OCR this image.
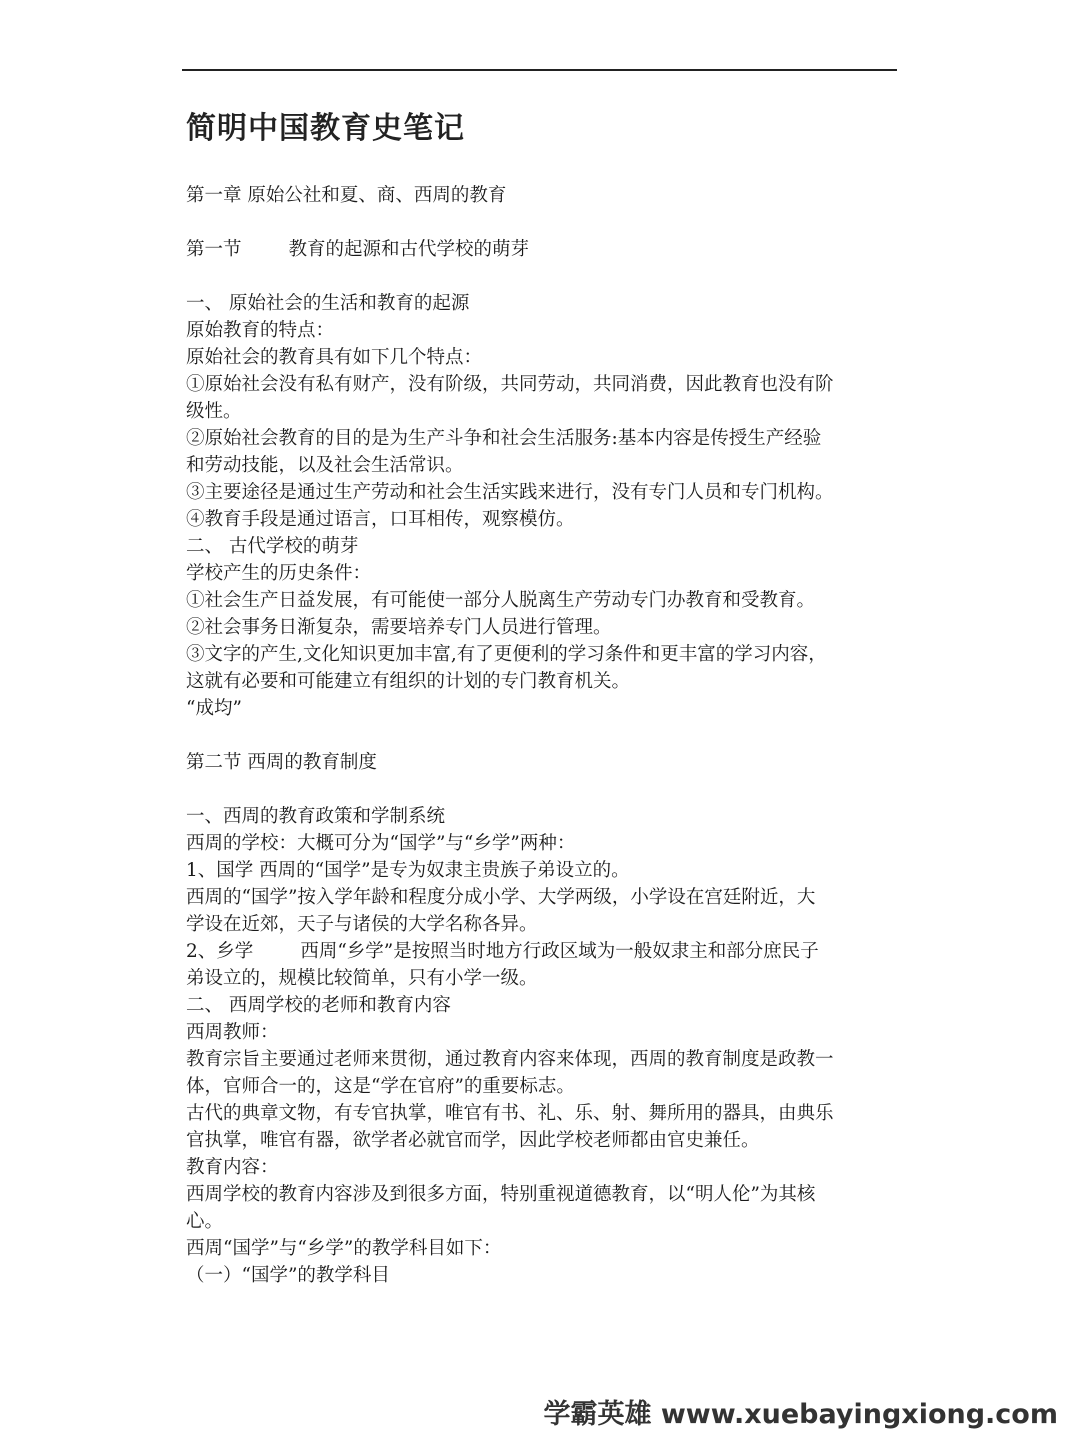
简明中国教育史笔记

第一章 原始公社和夏、商、西周的教育

第一节        教育的起源和古代学校的萌芽

一、 原始社会的生活和教育的起源

原始教育的特点：

原始社会的教育具有如下几个特点：

①原始社会没有私有财产，没有阶级，共同劳动，共同消费，因此教育也没有阶

级性。

②原始社会教育的目的是为生产斗争和社会生活服务:基本内容是传授生产经验

和劳动技能，以及社会生活常识。

③主要途径是通过生产劳动和社会生活实践来进行，没有专门人员和专门机构。

④教育手段是通过语言，口耳相传，观察模仿。

二、 古代学校的萌芽

学校产生的历史条件：

①社会生产日益发展，有可能使一部分人脱离生产劳动专门办教育和受教育。

②社会事务日渐复杂，需要培养专门人员进行管理。

③文字的产生,文化知识更加丰富,有了更便利的学习条件和更丰富的学习内容，

这就有必要和可能建立有组织的计划的专门教育机关。

“成均”

第二节 西周的教育制度

一、西周的教育政策和学制系统

西周的学校：大概可分为“国学”与“乡学”两种：

1、国学 西周的“国学”是专为奴隶主贵族子弟设立的。

西周的“国学”按入学年龄和程度分成小学、大学两级，小学设在宫廷附近，大

学设在近郊，天子与诸侯的大学名称各异。

2、乡学        西周“乡学”是按照当时地方行政区域为一般奴隶主和部分庶民子

弟设立的，规模比较简单，只有小学一级。

二、 西周学校的老师和教育内容

西周教师：

教育宗旨主要通过老师来贯彻，通过教育内容来体现，西周的教育制度是政教一

体，官师合一的，这是“学在官府”的重要标志。

古代的典章文物，有专官执掌，唯官有书、礼、乐、射、舞所用的器具，由典乐

官执掌，唯官有器，欲学者必就官而学，因此学校老师都由官史兼任。

教育内容：

西周学校的教育内容涉及到很多方面，特别重视道德教育，以“明人伦”为其核

心。

西周“国学”与“乡学”的教学科目如下：

（一）“国学”的教学科目

学霸英雄 www.xuebayingxiong.com
